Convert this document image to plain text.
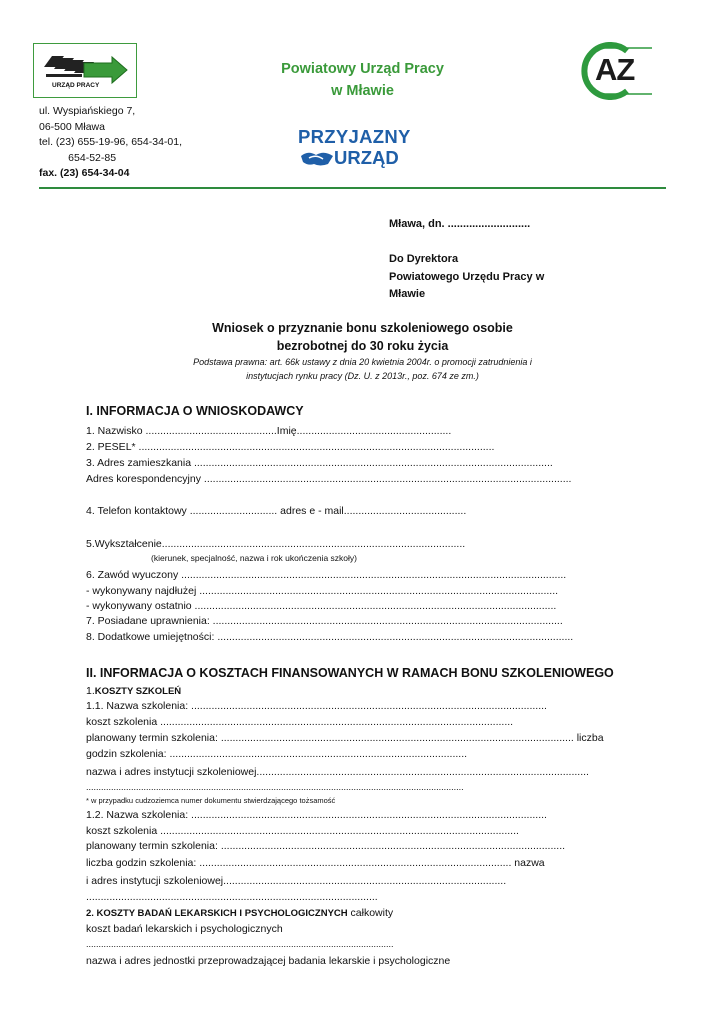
URZĄD PRACY
Powiatowy Urząd Pracy
w Mławie
ul. Wyspiańskiego 7,
06-500 Mława
tel. (23) 655-19-96, 654-34-01,
654-52-85
fax. (23) 654-34-04
PRZYJAZNY
URZĄD
AZ
Mława, dn. ...........................
Do Dyrektora
Powiatowego Urzędu Pracy w
Mławie
Wniosek o przyznanie bonu szkoleniowego osobie
bezrobotnej do 30 roku życia
Podstawa prawna: art. 66k ustawy z dnia 20 kwietnia 2004r. o promocji zatrudnienia i
instytucjach rynku pracy (Dz. U. z 2013r., poz. 674 ze zm.)
I. INFORMACJA O WNIOSKODAWCY
1. Nazwisko .............................................Imię.....................................................
2. PESEL* ..........................................................................................................................
3. Adres zamieszkania ...........................................................................................................................
Adres korespondencyjny ..............................................................................................................................
4. Telefon kontaktowy .............................. adres e - mail..........................................
5.Wykształcenie........................................................................................................
(kierunek, specjalność, nazwa i rok ukończenia szkoły)
6. Zawód wyuczony ....................................................................................................................................
- wykonywany najdłużej ...........................................................................................................................
- wykonywany ostatnio ............................................................................................................................
7. Posiadane uprawnienia: ........................................................................................................................
8. Dodatkowe umiejętności: ..........................................................................................................................
II. INFORMACJA O KOSZTACH FINANSOWANYCH W RAMACH BONU SZKOLENIOWEGO
1.KOSZTY SZKOLEŃ
1.1. Nazwa szkolenia: ..........................................................................................................................
koszt szkolenia .........................................................................................................................
planowany termin szkolenia: ......................................................................................................................... liczba
godzin szkolenia: ......................................................................................................
nazwa i adres instytucji szkoleniowej..................................................................................................................
.......................................................................................................................................................
* w przypadku cudzoziemca numer dokumentu stwierdzającego tożsamość
1.2. Nazwa szkolenia: ..........................................................................................................................
koszt szkolenia ...........................................................................................................................
planowany termin szkolenia: ......................................................................................................................
liczba godzin szkolenia: ........................................................................................................... nazwa
i adres instytucji szkoleniowej.................................................................................................
....................................................................................................
2. KOSZTY BADAŃ LEKARSKICH I PSYCHOLOGICZNYCH całkowity
koszt badań lekarskich i psychologicznych
...........................................................................................................................
nazwa i adres jednostki przeprowadzającej badania lekarskie i psychologiczne
